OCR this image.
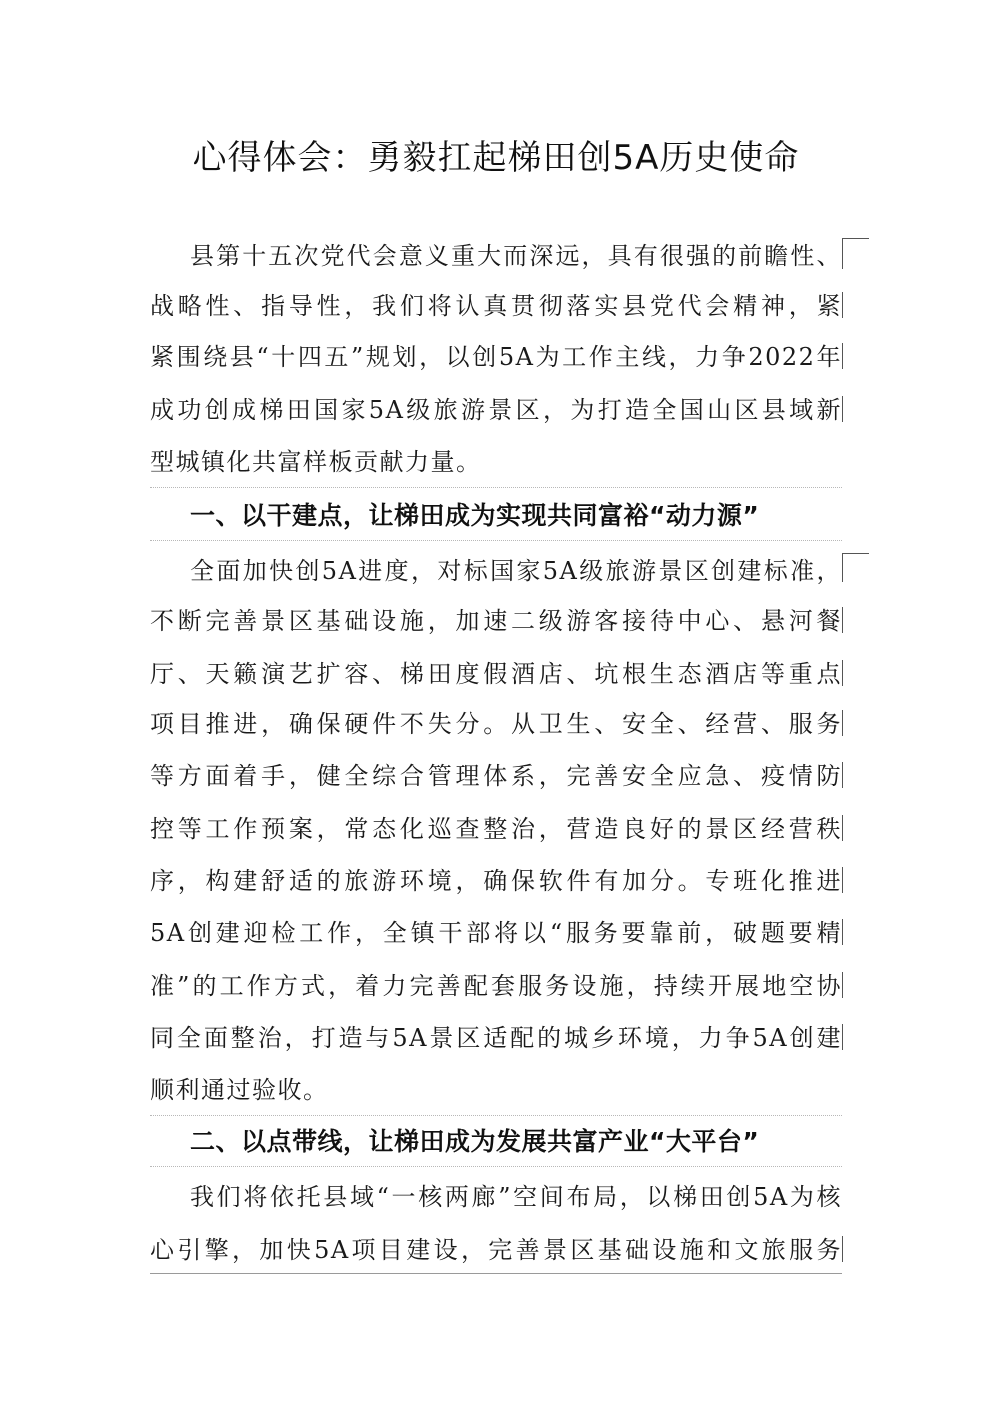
心得体会：勇毅扛起梯田创5A历史使命
县第十五次党代会意义重大而深远，具有很强的前瞻性、
战略性、指导性，我们将认真贯彻落实县党代会精神，紧
紧围绕县“十四五”规划，以创5A为工作主线，力争2022年
成功创成梯田国家5A级旅游景区，为打造全国山区县域新
型城镇化共富样板贡献力量。
一、以干建点，让梯田成为实现共同富裕“动力源”
全面加快创5A进度，对标国家5A级旅游景区创建标准，
不断完善景区基础设施，加速二级游客接待中心、悬河餐
厅、天籁演艺扩容、梯田度假酒店、坑根生态酒店等重点
项目推进，确保硬件不失分。从卫生、安全、经营、服务
等方面着手，健全综合管理体系，完善安全应急、疫情防
控等工作预案，常态化巡查整治，营造良好的景区经营秩
序，构建舒适的旅游环境，确保软件有加分。专班化推进
5A创建迎检工作，全镇干部将以“服务要靠前，破题要精
准”的工作方式，着力完善配套服务设施，持续开展地空协
同全面整治，打造与5A景区适配的城乡环境，力争5A创建
顺利通过验收。
二、以点带线，让梯田成为发展共富产业“大平台”
我们将依托县域“一核两廊”空间布局，以梯田创5A为核
心引擎，加快5A项目建设，完善景区基础设施和文旅服务
